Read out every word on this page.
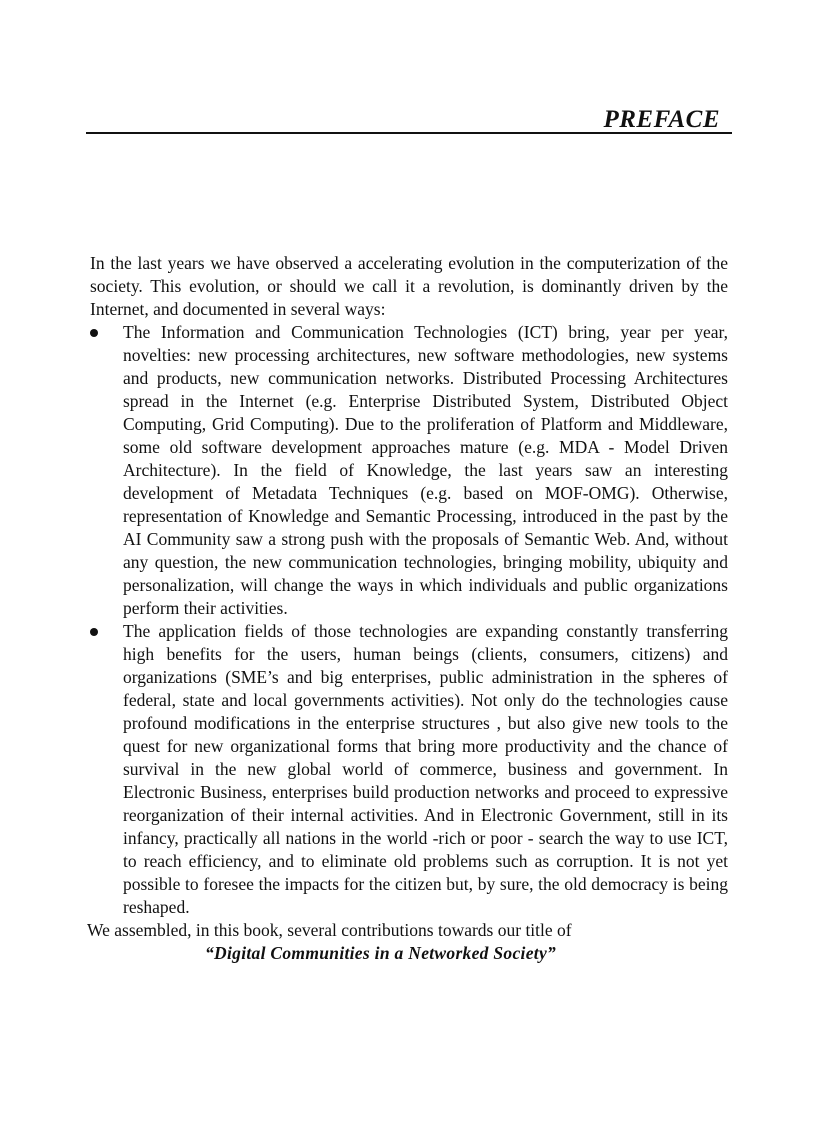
PREFACE

In the last years we have observed a accelerating evolution in the computerization of the society. This evolution, or should we call it a revolution, is dominantly driven by the Internet, and documented in several ways:

The Information and Communication Technologies (ICT) bring, year per year, novelties: new processing architectures, new software methodologies, new systems and products, new communication networks. Distributed Processing Architectures spread in the Internet (e.g. Enterprise Distributed System, Distributed Object Computing, Grid Computing). Due to the proliferation of Platform and Middleware, some old software development approaches mature (e.g. MDA - Model Driven Architecture). In the field of Knowledge, the last years saw an interesting development of Metadata Techniques (e.g. based on MOF-OMG). Otherwise, representation of Knowledge and Semantic Processing, introduced in the past by the AI Community saw a strong push with the proposals of Semantic Web. And, without any question, the new communication technologies, bringing mobility, ubiquity and personalization, will change the ways in which individuals and public organizations perform their activities.
The application fields of those technologies are expanding constantly transferring high benefits for the users, human beings (clients, consumers, citizens) and organizations (SME’s and big enterprises, public administration in the spheres of federal, state and local governments activities). Not only do the technologies cause profound modifications in the enterprise structures , but also give new tools to the quest for new organizational forms that bring more productivity and the chance of survival in the new global world of commerce, business and government. In Electronic Business, enterprises build production networks and proceed to expressive reorganization of their internal activities. And in Electronic Government, still in its infancy, practically all nations in the world -rich or poor - search the way to use ICT, to reach efficiency, and to eliminate old problems such as corruption. It is not yet possible to foresee the impacts for the citizen but, by sure, the old democracy is being reshaped.

We assembled, in this book, several contributions towards our title of

“Digital Communities in a Networked Society”
